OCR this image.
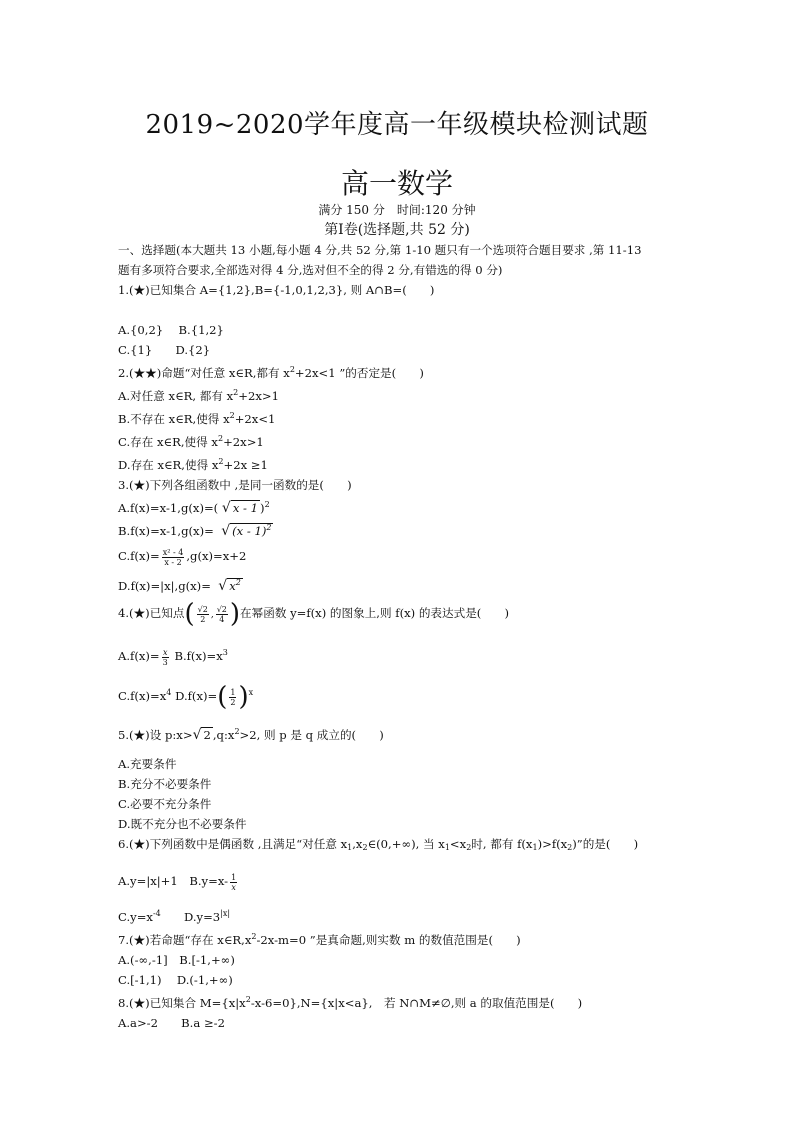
2019~2020学年度高一年级模块检测试题
高一数学
满分 150 分　时间:120 分钟
第Ⅰ卷(选择题,共 52 分)
一、选择题(本大题共 13 小题,每小题 4 分,共 52 分,第 1-10 题只有一个选项符合题目要求 ,第 11-13
题有多项符合要求,全部选对得 4 分,选对但不全的得 2 分,有错选的得 0 分)
1.(★)已知集合 A={1,2},B={-1,0,1,2,3}, 则 A∩B=(　　)
A.{0,2}　 B.{1,2}
C.{1}　　D.{2}
2.(★★)命题“对任意 x∈R,都有 $x^2+2x<1$ ”的否定是(　　)
A.对任意 x∈R, 都有 $x^2+2x>1$
B.不存在 x∈R,使得 $x^2+2x<1$
C.存在 x∈R,使得 $x^2+2x>1$
D.存在 x∈R,使得 $x^2+2x \ge 1$
3.(★)下列各组函数中 ,是同一函数的是(　　)
A.f(x)=x-1,g(x)=( √ x - 1 )$^2$
B.f(x)=x-1,g(x)= √ (x - 1)$^2$
$C.f(x)= \frac{\text{x² - 4}}{x - 2} ,g(x)=x+2$
D.f(x)=|x|,g(x)= √ $x^2$
4.(★)已知点( $\frac{√2}{2}$ , $\frac{√2}{4}$ )在幂函数 y=f(x) 的图象上,则 f(x) 的表达式是(　　)
$A.f(x)= \frac{x}{3} B.f(x)=x^3$
$C.f(x)=x^4$ $D.f(x)=( \frac{1}{2} )^x$
5.(★)设 p:x>√ 2 $,q:x^2>2$, 则 p 是 q 成立的(　　)
A.充要条件
B.充分不必要条件
C.必要不充分条件
D.既不充分也不必要条件
6.(★)下列函数中是偶函数 ,且满足“对任意 $x_1,x_2\in(0,+\infty)$, 当 $x_1<x_2$时, 都有 $f(x_1)>f(x_2)$”的是(　　)
A.y=|x|+1　$B.y=x- \frac{1}{x}$
$C.y=x^{-4}$　　 $D.y=3^{|x|}$
7.(★)若命题“存在 $x\in R,x^2-2x-m=0$ ”是真命题,则实数 m 的数值范围是(　　)
A.(-∞,-1]　B.[-1,+∞)
C.[-1,1)　 D.(-1,+∞)
8.(★)已知集合 $M=\{x|x^2-x-6=0\},N=\{x|x<a\}$,　若 N∩M≠∅,则 a 的取值范围是(　　)
A.a>-2　　B.a ≥-2
